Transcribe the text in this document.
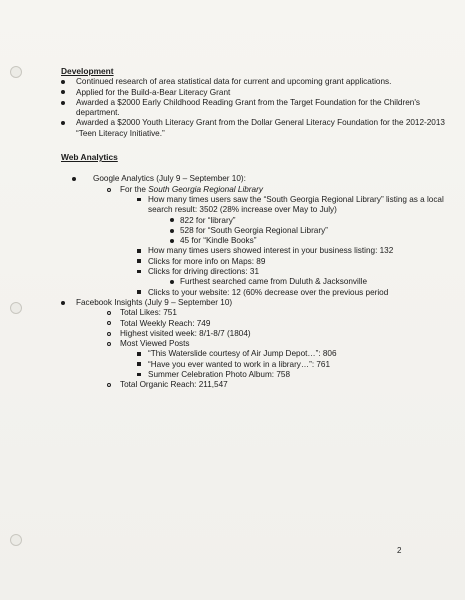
Development
Continued research of area statistical data for current and upcoming grant applications.
Applied for the Build-a-Bear Literacy Grant
Awarded a $2000 Early Childhood Reading Grant from the Target Foundation for the Children's department.
Awarded a $2000 Youth Literacy Grant from the Dollar General Literacy Foundation for the 2012-2013 “Teen Literacy Initiative.”
Web Analytics
Google Analytics (July 9 – September 10):
For the South Georgia Regional Library
How many times users saw the “South Georgia Regional Library” listing as a local search result: 3502 (28% increase over May to July)
822 for “library”
528 for “South Georgia Regional Library”
45 for “Kindle Books”
How many times users showed interest in your business listing: 132
Clicks for more info on Maps: 89
Clicks for driving directions: 31
Furthest searched came from Duluth & Jacksonville
Clicks to your website: 12 (60% decrease over the previous period
Facebook Insights (July 9 – September 10)
Total Likes: 751
Total Weekly Reach: 749
Highest visited week: 8/1-8/7 (1804)
Most Viewed Posts
“This Waterslide courtesy of Air Jump Depot…”: 806
“Have you ever wanted to work in a library…”: 761
Summer Celebration Photo Album: 758
Total Organic Reach: 211,547
2
